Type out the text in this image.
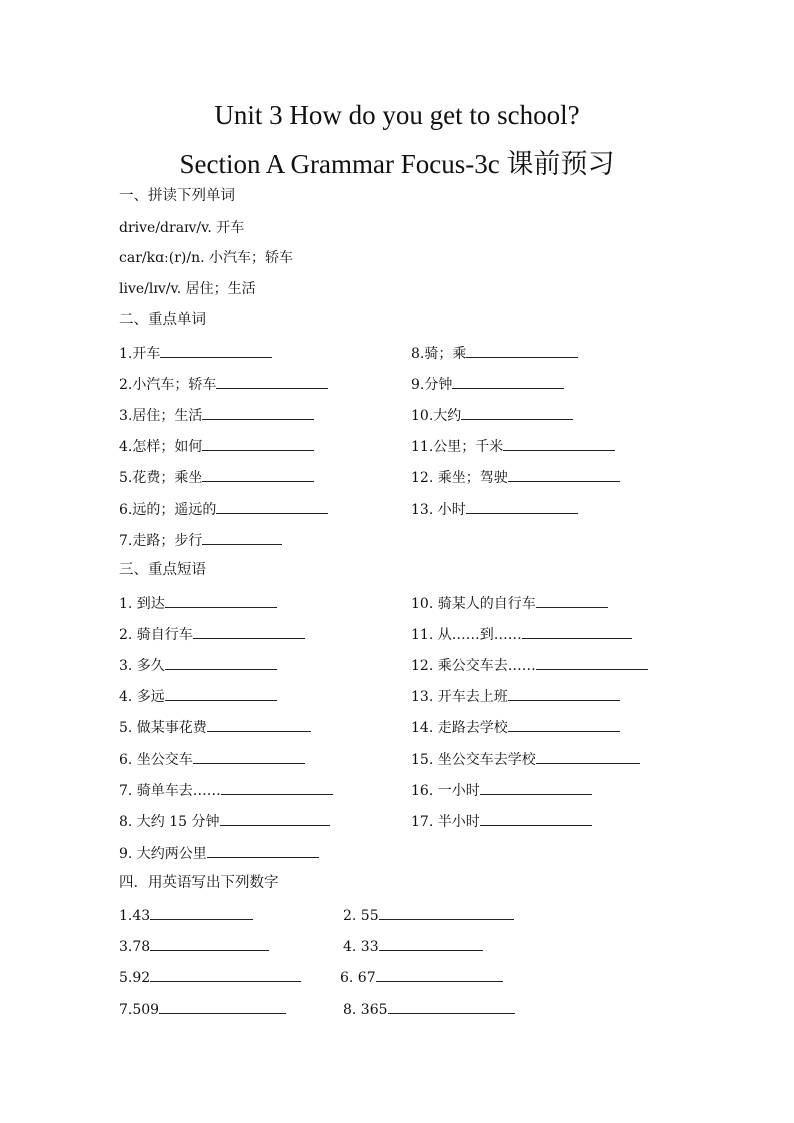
Unit 3 How do you get to school?
Section A Grammar Focus-3c 课前预习
一、拼读下列单词
drive/draɪv/v. 开车
car/kɑː(r)/n. 小汽车；轿车
live/lɪv/v. 居住；生活
二、重点单词
1.开车
2.小汽车；轿车
3.居住；生活
4.怎样；如何
5.花费；乘坐
6.远的；遥远的
7.走路；步行
8.骑；乘
9.分钟
10.大约
11.公里；千米
12. 乘坐；驾驶
13. 小时
三、重点短语
1. 到达
2. 骑自行车
3. 多久
4. 多远
5. 做某事花费
6. 坐公交车
7. 骑单车去……
8. 大约 15 分钟
9. 大约两公里
10. 骑某人的自行车
11. 从……到……
12. 乘公交车去……
13. 开车去上班
14. 走路去学校
15. 坐公交车去学校
16. 一小时
17. 半小时
四．用英语写出下列数字
1.43
3.78
5.92
7.509
2. 55
4. 33
6. 67
8. 365
